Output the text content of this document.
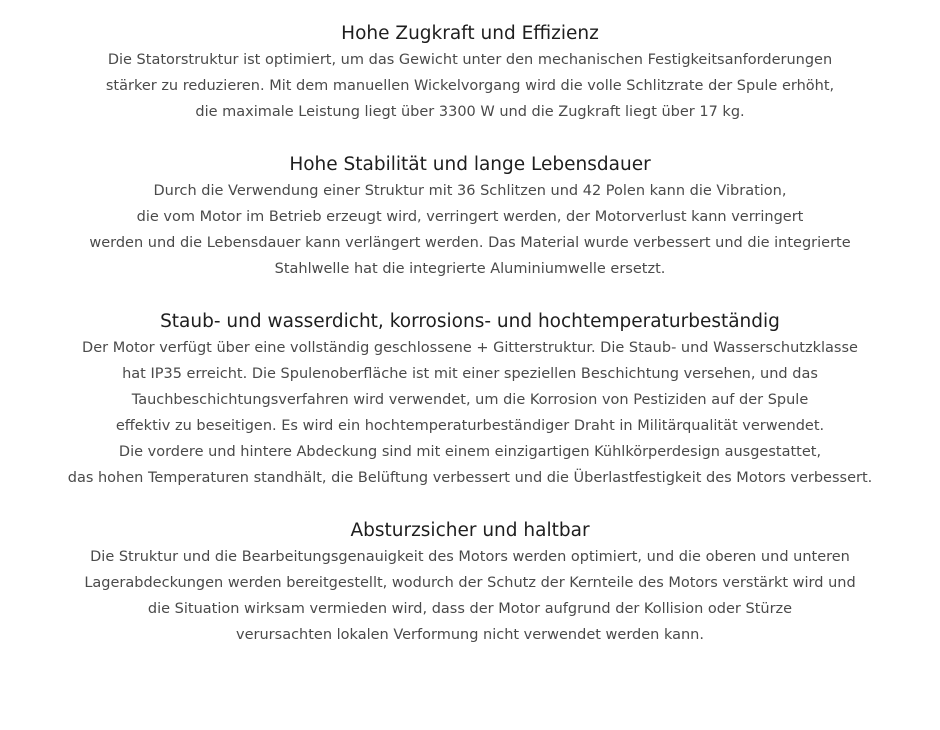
Hohe Zugkraft und Effizienz
Die Statorstruktur ist optimiert, um das Gewicht unter den mechanischen Festigkeitsanforderungen
stärker zu reduzieren. Mit dem manuellen Wickelvorgang wird die volle Schlitzrate der Spule erhöht,
die maximale Leistung liegt über 3300 W und die Zugkraft liegt über 17 kg.
Hohe Stabilität und lange Lebensdauer
Durch die Verwendung einer Struktur mit 36 Schlitzen und 42 Polen kann die Vibration,
die vom Motor im Betrieb erzeugt wird, verringert werden, der Motorverlust kann verringert
werden und die Lebensdauer kann verlängert werden. Das Material wurde verbessert und die integrierte
Stahlwelle hat die integrierte Aluminiumwelle ersetzt.
Staub- und wasserdicht, korrosions- und hochtemperaturbeständig
Der Motor verfügt über eine vollständig geschlossene + Gitterstruktur. Die Staub- und Wasserschutzklasse
hat IP35 erreicht. Die Spulenoberfläche ist mit einer speziellen Beschichtung versehen, und das
Tauchbeschichtungsverfahren wird verwendet, um die Korrosion von Pestiziden auf der Spule
effektiv zu beseitigen. Es wird ein hochtemperaturbeständiger Draht in Militärqualität verwendet.
Die vordere und hintere Abdeckung sind mit einem einzigartigen Kühlkörperdesign ausgestattet,
das hohen Temperaturen standhält, die Belüftung verbessert und die Überlastfestigkeit des Motors verbessert.
Absturzsicher und haltbar
Die Struktur und die Bearbeitungsgenauigkeit des Motors werden optimiert, und die oberen und unteren
Lagerabdeckungen werden bereitgestellt, wodurch der Schutz der Kernteile des Motors verstärkt wird und
die Situation wirksam vermieden wird, dass der Motor aufgrund der Kollision oder Stürze
verursachten lokalen Verformung nicht verwendet werden kann.
